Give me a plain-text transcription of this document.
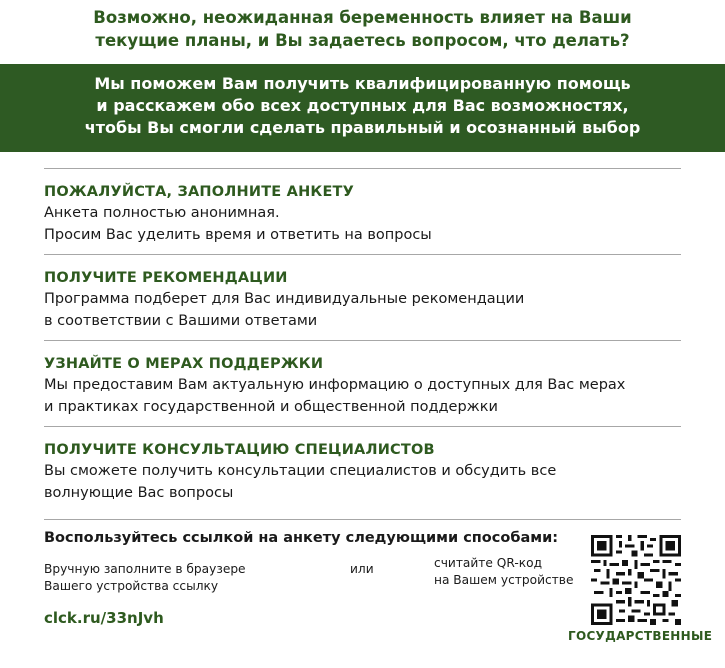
Возможно, неожиданная беременность влияет на Ваши
текущие планы, и Вы задаетесь вопросом, что делать?
Мы поможем Вам получить квалифицированную помощь
и расскажем обо всех доступных для Вас возможностях,
чтобы Вы смогли сделать правильный и осознанный выбор
ПОЖАЛУЙСТА, ЗАПОЛНИТЕ АНКЕТУ
Анкета полностью анонимная.
Просим Вас уделить время и ответить на вопросы
ПОЛУЧИТЕ РЕКОМЕНДАЦИИ
Программа подберет для Вас индивидуальные рекомендации
в соответствии с Вашими ответами
УЗНАЙТЕ О МЕРАХ ПОДДЕРЖКИ
Мы предоставим Вам актуальную информацию о доступных для Вас мерах
и практиках государственной и общественной поддержки
ПОЛУЧИТЕ КОНСУЛЬТАЦИЮ СПЕЦИАЛИСТОВ
Вы сможете получить консультации специалистов и обсудить все
волнующие Вас вопросы
Воспользуйтесь ссылкой на анкету следующими способами:
Вручную заполните в браузере
Вашего устройства ссылку
или	считайте QR-код
на Вашем устройстве
clck.ru/33nJvh
ГОСУДАРСТВЕННЫЕ
